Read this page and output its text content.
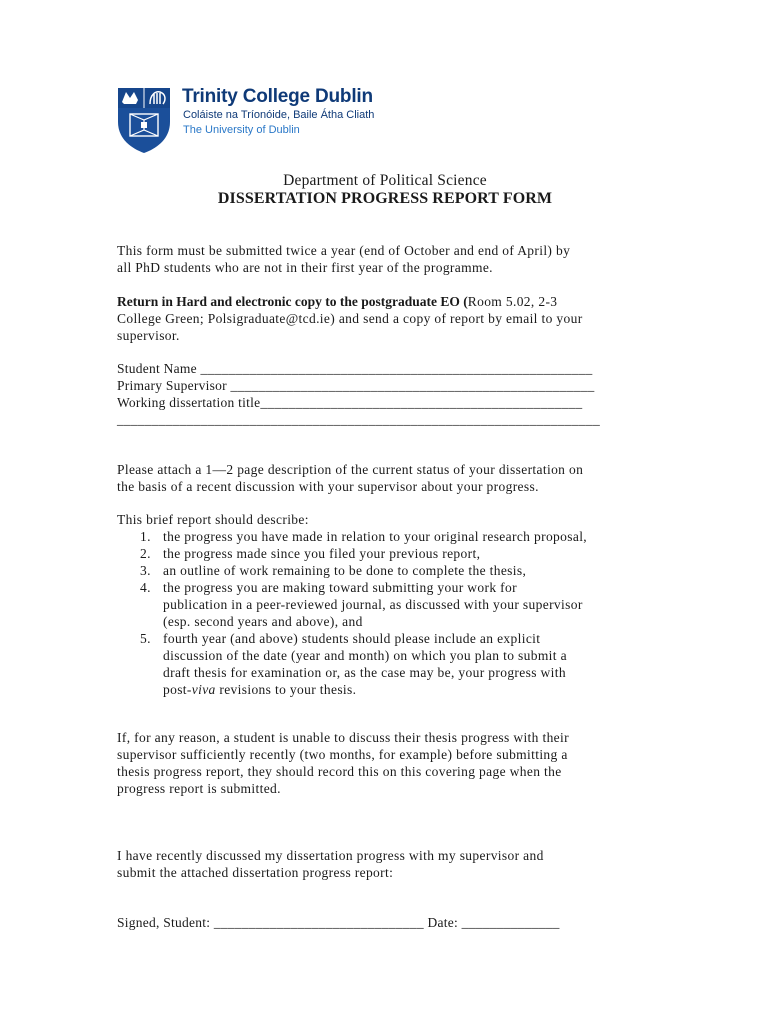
Trinity College Dublin
Coláiste na Tríonóide, Baile Átha Cliath
The University of Dublin
Department of Political Science
DISSERTATION PROGRESS REPORT FORM
This form must be submitted twice a year (end of October and end of April) by
all PhD students who are not in their first year of the programme.
Return in Hard and electronic copy to the postgraduate EO (Room 5.02, 2-3
College Green; Polsigraduate@tcd.ie) and send a copy of report by email to your
supervisor.
Student Name ________________________________________________________
Primary Supervisor ____________________________________________________
Working dissertation title______________________________________________
_____________________________________________________________________
Please attach a 1—2 page description of the current status of your dissertation on
the basis of a recent discussion with your supervisor about your progress.
This brief report should describe:
1. the progress you have made in relation to your original research proposal,
2. the progress made since you filed your previous report,
3. an outline of work remaining to be done to complete the thesis,
4. the progress you are making toward submitting your work for
publication in a peer-reviewed journal, as discussed with your supervisor
(esp. second years and above), and
5. fourth year (and above) students should please include an explicit
discussion of the date (year and month) on which you plan to submit a
draft thesis for examination or, as the case may be, your progress with
post-viva revisions to your thesis.
If, for any reason, a student is unable to discuss their thesis progress with their
supervisor sufficiently recently (two months, for example) before submitting a
thesis progress report, they should record this on this covering page when the
progress report is submitted.
I have recently discussed my dissertation progress with my supervisor and
submit the attached dissertation progress report:
Signed, Student: ______________________________ Date: ______________
